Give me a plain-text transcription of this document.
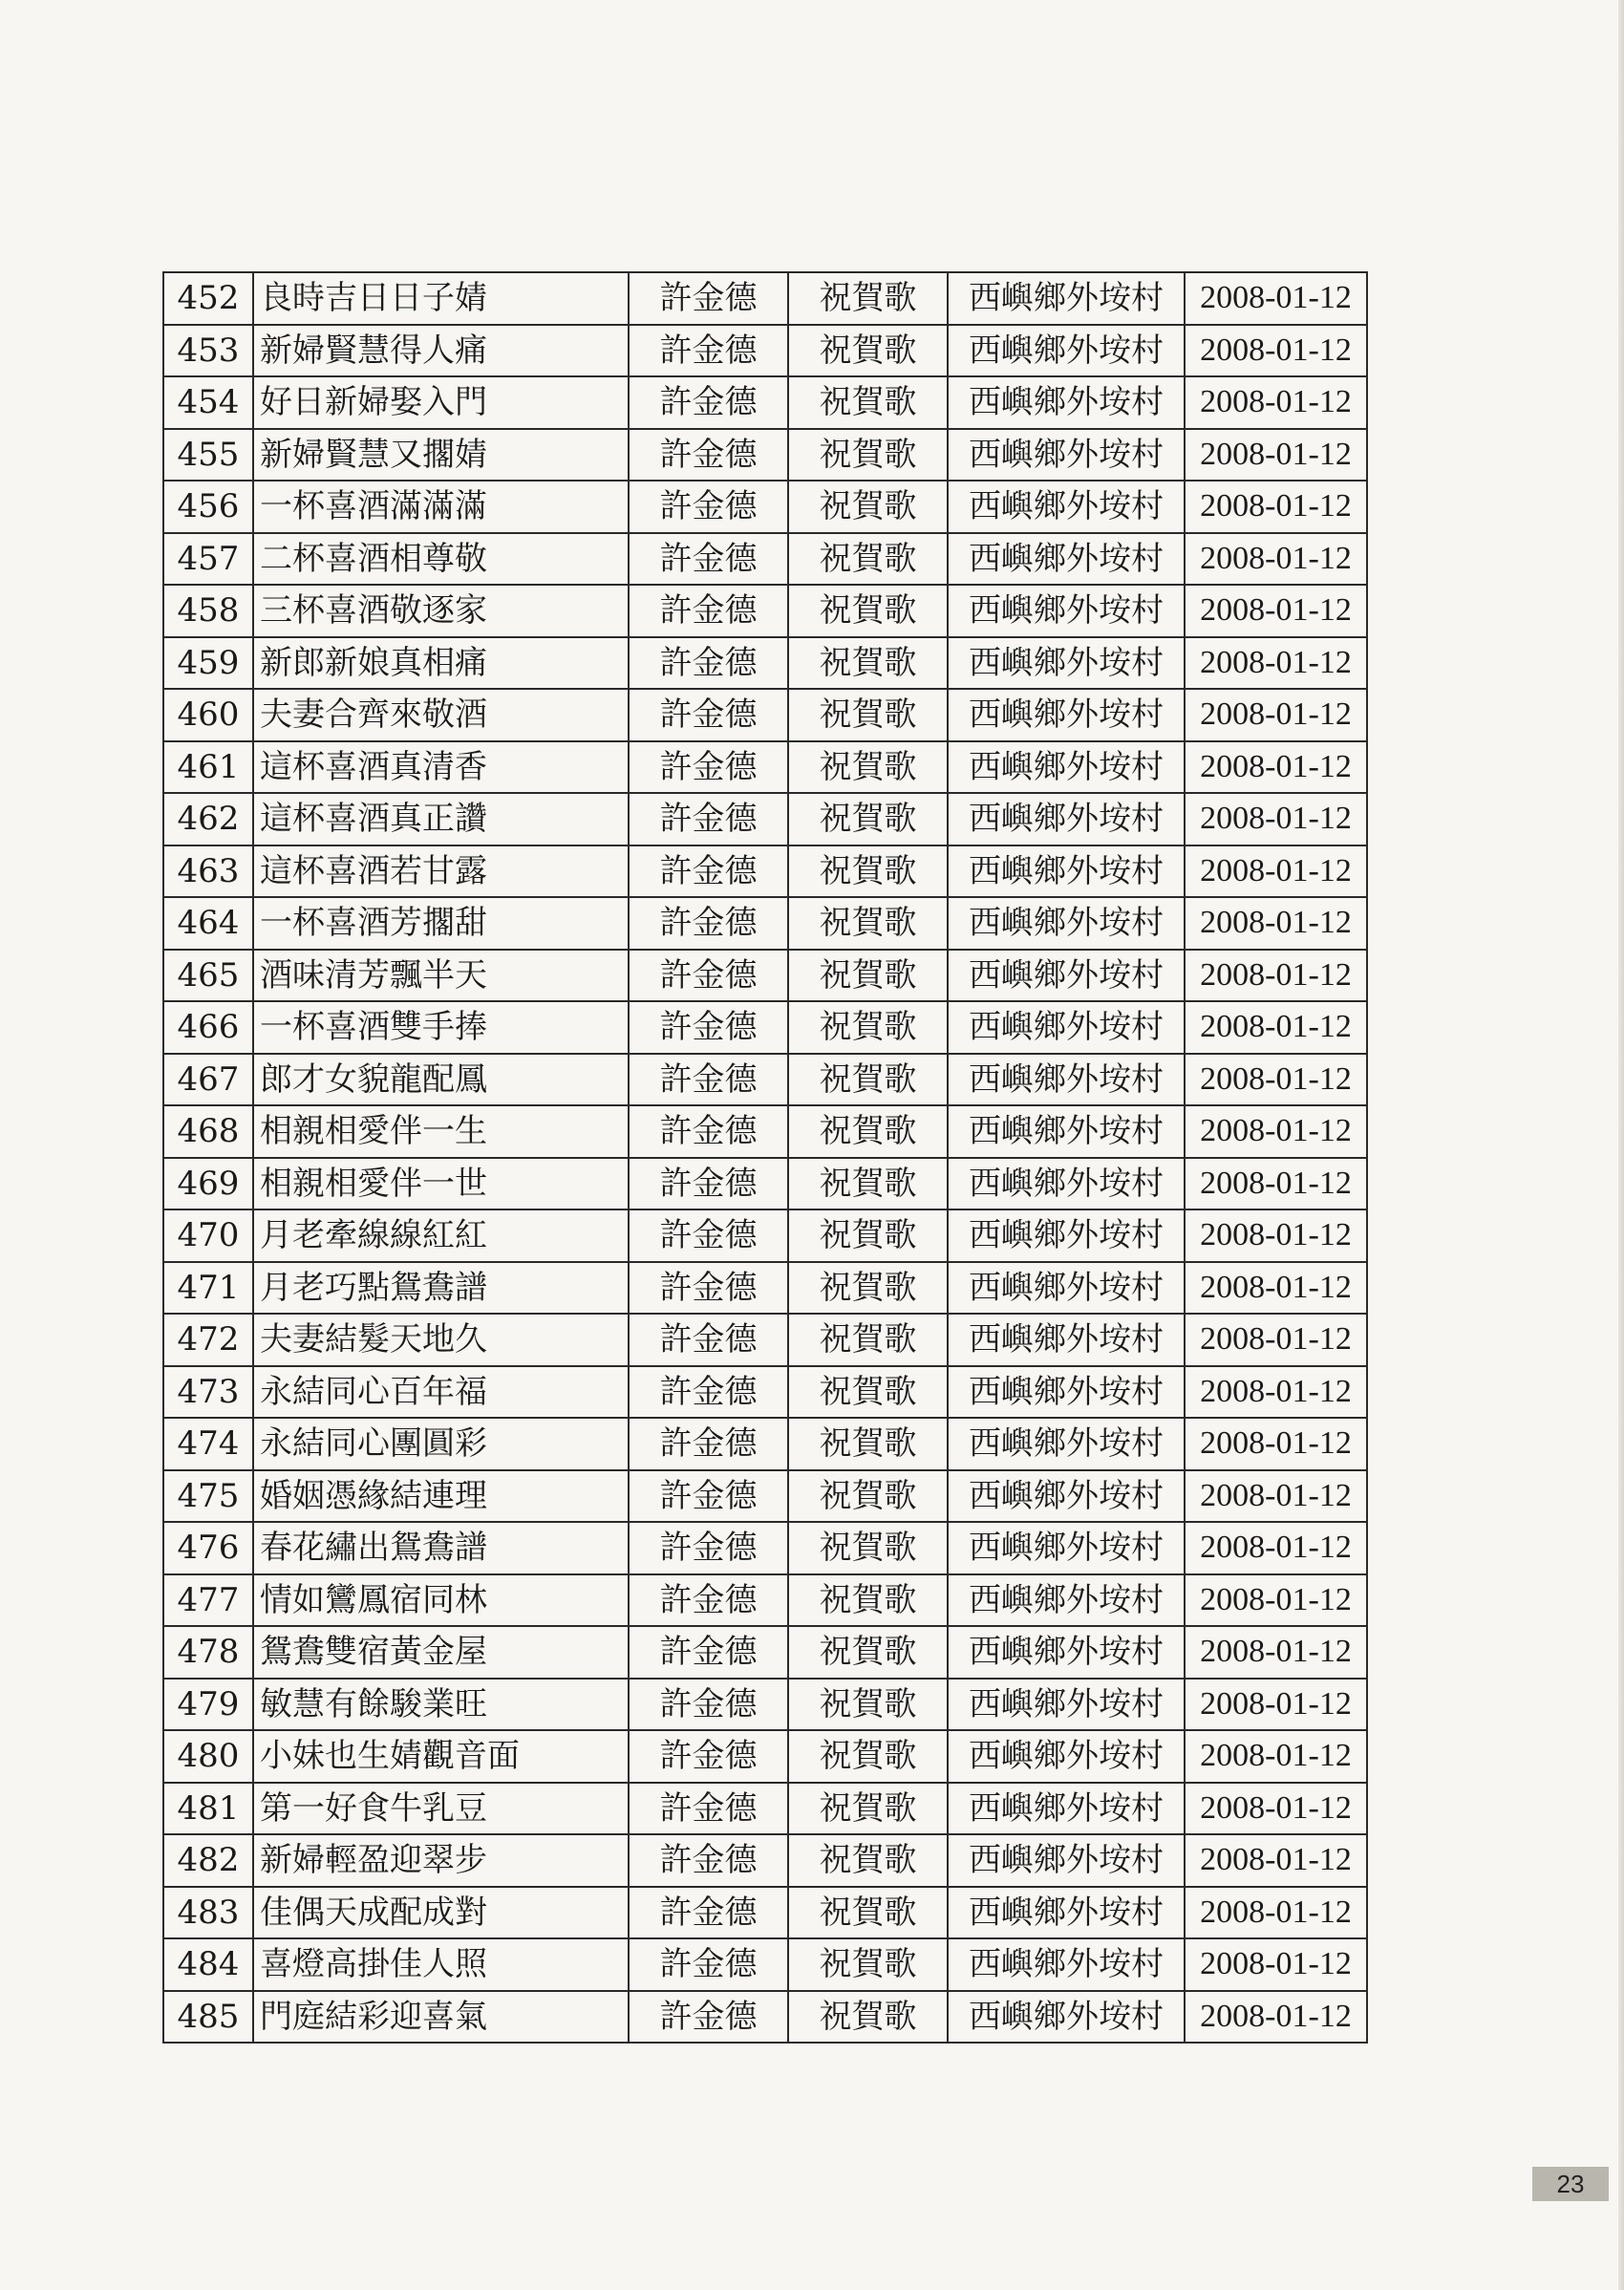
452	良時吉日日子婧	許金德	祝賀歌	西嶼鄉外垵村	2008-01-12
453	新婦賢慧得人痛	許金德	祝賀歌	西嶼鄉外垵村	2008-01-12
454	好日新婦娶入門	許金德	祝賀歌	西嶼鄉外垵村	2008-01-12
455	新婦賢慧又擱婧	許金德	祝賀歌	西嶼鄉外垵村	2008-01-12
456	一杯喜酒滿滿滿	許金德	祝賀歌	西嶼鄉外垵村	2008-01-12
457	二杯喜酒相尊敬	許金德	祝賀歌	西嶼鄉外垵村	2008-01-12
458	三杯喜酒敬逐家	許金德	祝賀歌	西嶼鄉外垵村	2008-01-12
459	新郎新娘真相痛	許金德	祝賀歌	西嶼鄉外垵村	2008-01-12
460	夫妻合齊來敬酒	許金德	祝賀歌	西嶼鄉外垵村	2008-01-12
461	這杯喜酒真清香	許金德	祝賀歌	西嶼鄉外垵村	2008-01-12
462	這杯喜酒真正讚	許金德	祝賀歌	西嶼鄉外垵村	2008-01-12
463	這杯喜酒若甘露	許金德	祝賀歌	西嶼鄉外垵村	2008-01-12
464	一杯喜酒芳擱甜	許金德	祝賀歌	西嶼鄉外垵村	2008-01-12
465	酒味清芳飄半天	許金德	祝賀歌	西嶼鄉外垵村	2008-01-12
466	一杯喜酒雙手捧	許金德	祝賀歌	西嶼鄉外垵村	2008-01-12
467	郎才女貌龍配鳳	許金德	祝賀歌	西嶼鄉外垵村	2008-01-12
468	相親相愛伴一生	許金德	祝賀歌	西嶼鄉外垵村	2008-01-12
469	相親相愛伴一世	許金德	祝賀歌	西嶼鄉外垵村	2008-01-12
470	月老牽線線紅紅	許金德	祝賀歌	西嶼鄉外垵村	2008-01-12
471	月老巧點鴛鴦譜	許金德	祝賀歌	西嶼鄉外垵村	2008-01-12
472	夫妻結髮天地久	許金德	祝賀歌	西嶼鄉外垵村	2008-01-12
473	永結同心百年福	許金德	祝賀歌	西嶼鄉外垵村	2008-01-12
474	永結同心團圓彩	許金德	祝賀歌	西嶼鄉外垵村	2008-01-12
475	婚姻憑緣結連理	許金德	祝賀歌	西嶼鄉外垵村	2008-01-12
476	春花繡出鴛鴦譜	許金德	祝賀歌	西嶼鄉外垵村	2008-01-12
477	情如鸞鳳宿同林	許金德	祝賀歌	西嶼鄉外垵村	2008-01-12
478	鴛鴦雙宿黃金屋	許金德	祝賀歌	西嶼鄉外垵村	2008-01-12
479	敏慧有餘駿業旺	許金德	祝賀歌	西嶼鄉外垵村	2008-01-12
480	小妹也生婧觀音面	許金德	祝賀歌	西嶼鄉外垵村	2008-01-12
481	第一好食牛乳豆	許金德	祝賀歌	西嶼鄉外垵村	2008-01-12
482	新婦輕盈迎翠步	許金德	祝賀歌	西嶼鄉外垵村	2008-01-12
483	佳偶天成配成對	許金德	祝賀歌	西嶼鄉外垵村	2008-01-12
484	喜燈高掛佳人照	許金德	祝賀歌	西嶼鄉外垵村	2008-01-12
485	門庭結彩迎喜氣	許金德	祝賀歌	西嶼鄉外垵村	2008-01-12
23
